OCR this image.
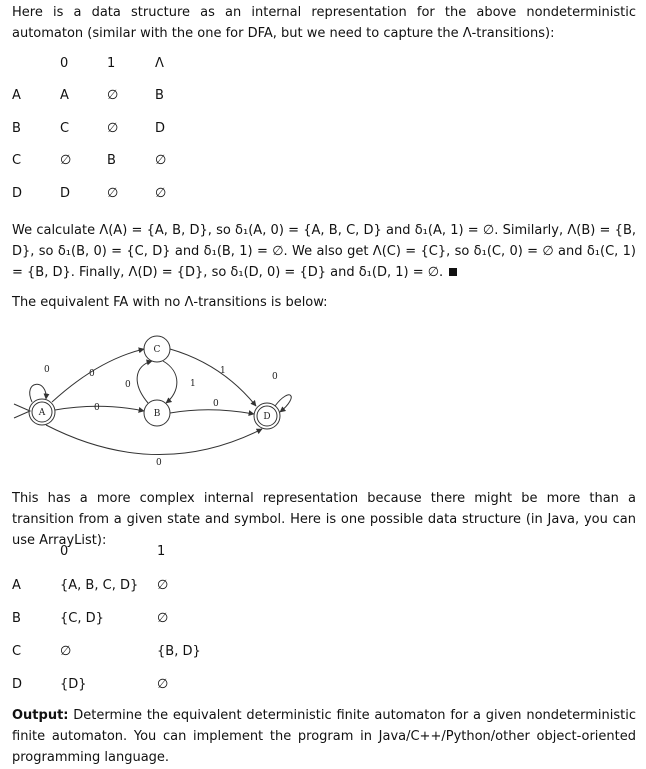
Here is a data structure as an internal representation for the above nondeterministic automaton (similar with the one for DFA, but we need to capture the Λ-transitions):
0	1	Λ
A	A	∅	B
B	C	∅	D
C	∅	B	∅
D	D	∅	∅
We calculate Λ(A) = {A, B, D}, so δ₁(A, 0) = {A, B, C, D} and δ₁(A, 1) = ∅. Similarly, Λ(B) = {B, D}, so δ₁(B, 0) = {C, D} and δ₁(B, 1) = ∅. We also get Λ(C) = {C}, so δ₁(C, 0) = ∅ and δ₁(C, 1) = {B, D}. Finally, Λ(D) = {D}, so δ₁(D, 0) = {D} and δ₁(D, 1) = ∅.
The equivalent FA with no Λ-transitions is below:
A
C
B	D
0	0
0
0
1
1
0
0
0
This has a more complex internal representation because there might be more than a transition from a given state and symbol. Here is one possible data structure (in Java, you can use ArrayList):
0	1
A	{A, B, C, D} ∅
B	{C, D}	∅
C	∅	{B, D}
D	{D}	∅
Output: Determine the equivalent deterministic finite automaton for a given nondeterministic finite automaton. You can implement the program in Java/C++/Python/other object-oriented programming language.
